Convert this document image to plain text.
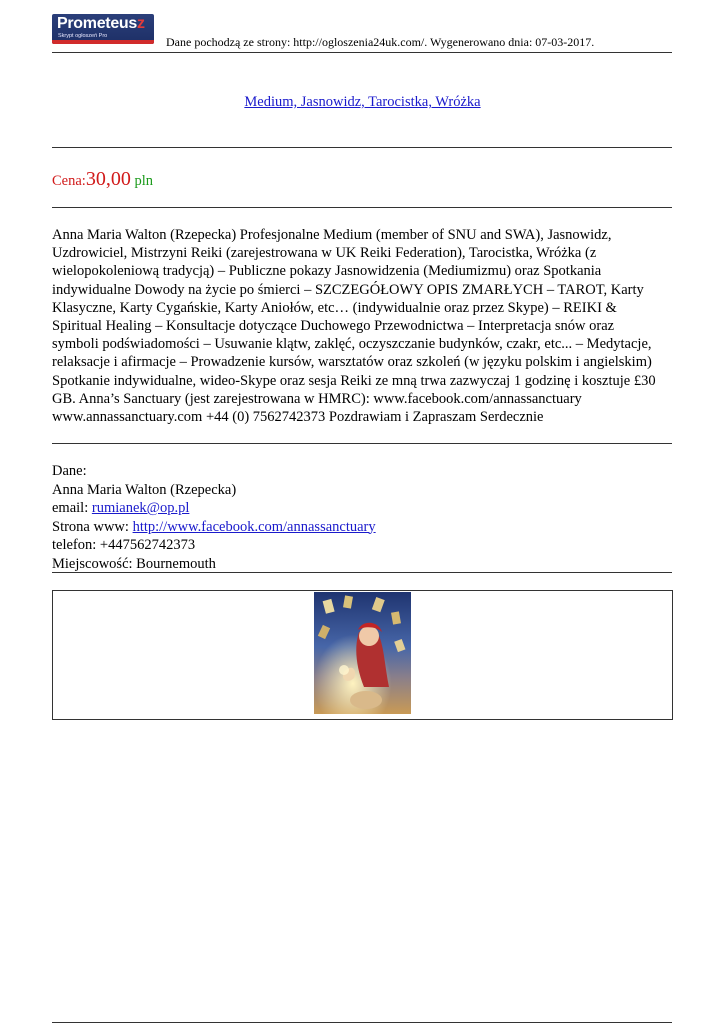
Prometeusz
Skrypt ogłoszeń Pro	Dane pochodzą ze strony: http://ogloszenia24uk.com/. Wygenerowano dnia: 07-03-2017.
Medium, Jasnowidz, Tarocistka, Wróżka
Cena:30,00 pln
Anna Maria Walton (Rzepecka) Profesjonalne Medium (member of SNU and SWA), Jasnowidz,
Uzdrowiciel, Mistrzyni Reiki (zarejestrowana w UK Reiki Federation), Tarocistka, Wróżka (z
wielopokoleniową tradycją) – Publiczne pokazy Jasnowidzenia (Mediumizmu) oraz Spotkania
indywidualne Dowody na życie po śmierci – SZCZEGÓŁOWY OPIS ZMARŁYCH – TAROT, Karty
Klasyczne, Karty Cygańskie, Karty Aniołów, etc… (indywidualnie oraz przez Skype) – REIKI &
Spiritual Healing – Konsultacje dotyczące Duchowego Przewodnictwa – Interpretacja snów oraz
symboli podświadomości – Usuwanie klątw, zaklęć, oczyszczanie budynków, czakr, etc... – Medytacje,
relaksacje i afirmacje – Prowadzenie kursów, warsztatów oraz szkoleń (w języku polskim i angielskim)
Spotkanie indywidualne, wideo-Skype oraz sesja Reiki ze mną trwa zazwyczaj 1 godzinę i kosztuje £30
GB. Anna’s Sanctuary (jest zarejestrowana w HMRC): www.facebook.com/annassanctuary
www.annassanctuary.com +44 (0) 7562742373 Pozdrawiam i Zapraszam Serdecznie
Dane:
Anna Maria Walton (Rzepecka)
email: rumianek@op.pl
Strona www: http://www.facebook.com/annassanctuary
telefon: +447562742373
Miejscowość: Bournemouth
